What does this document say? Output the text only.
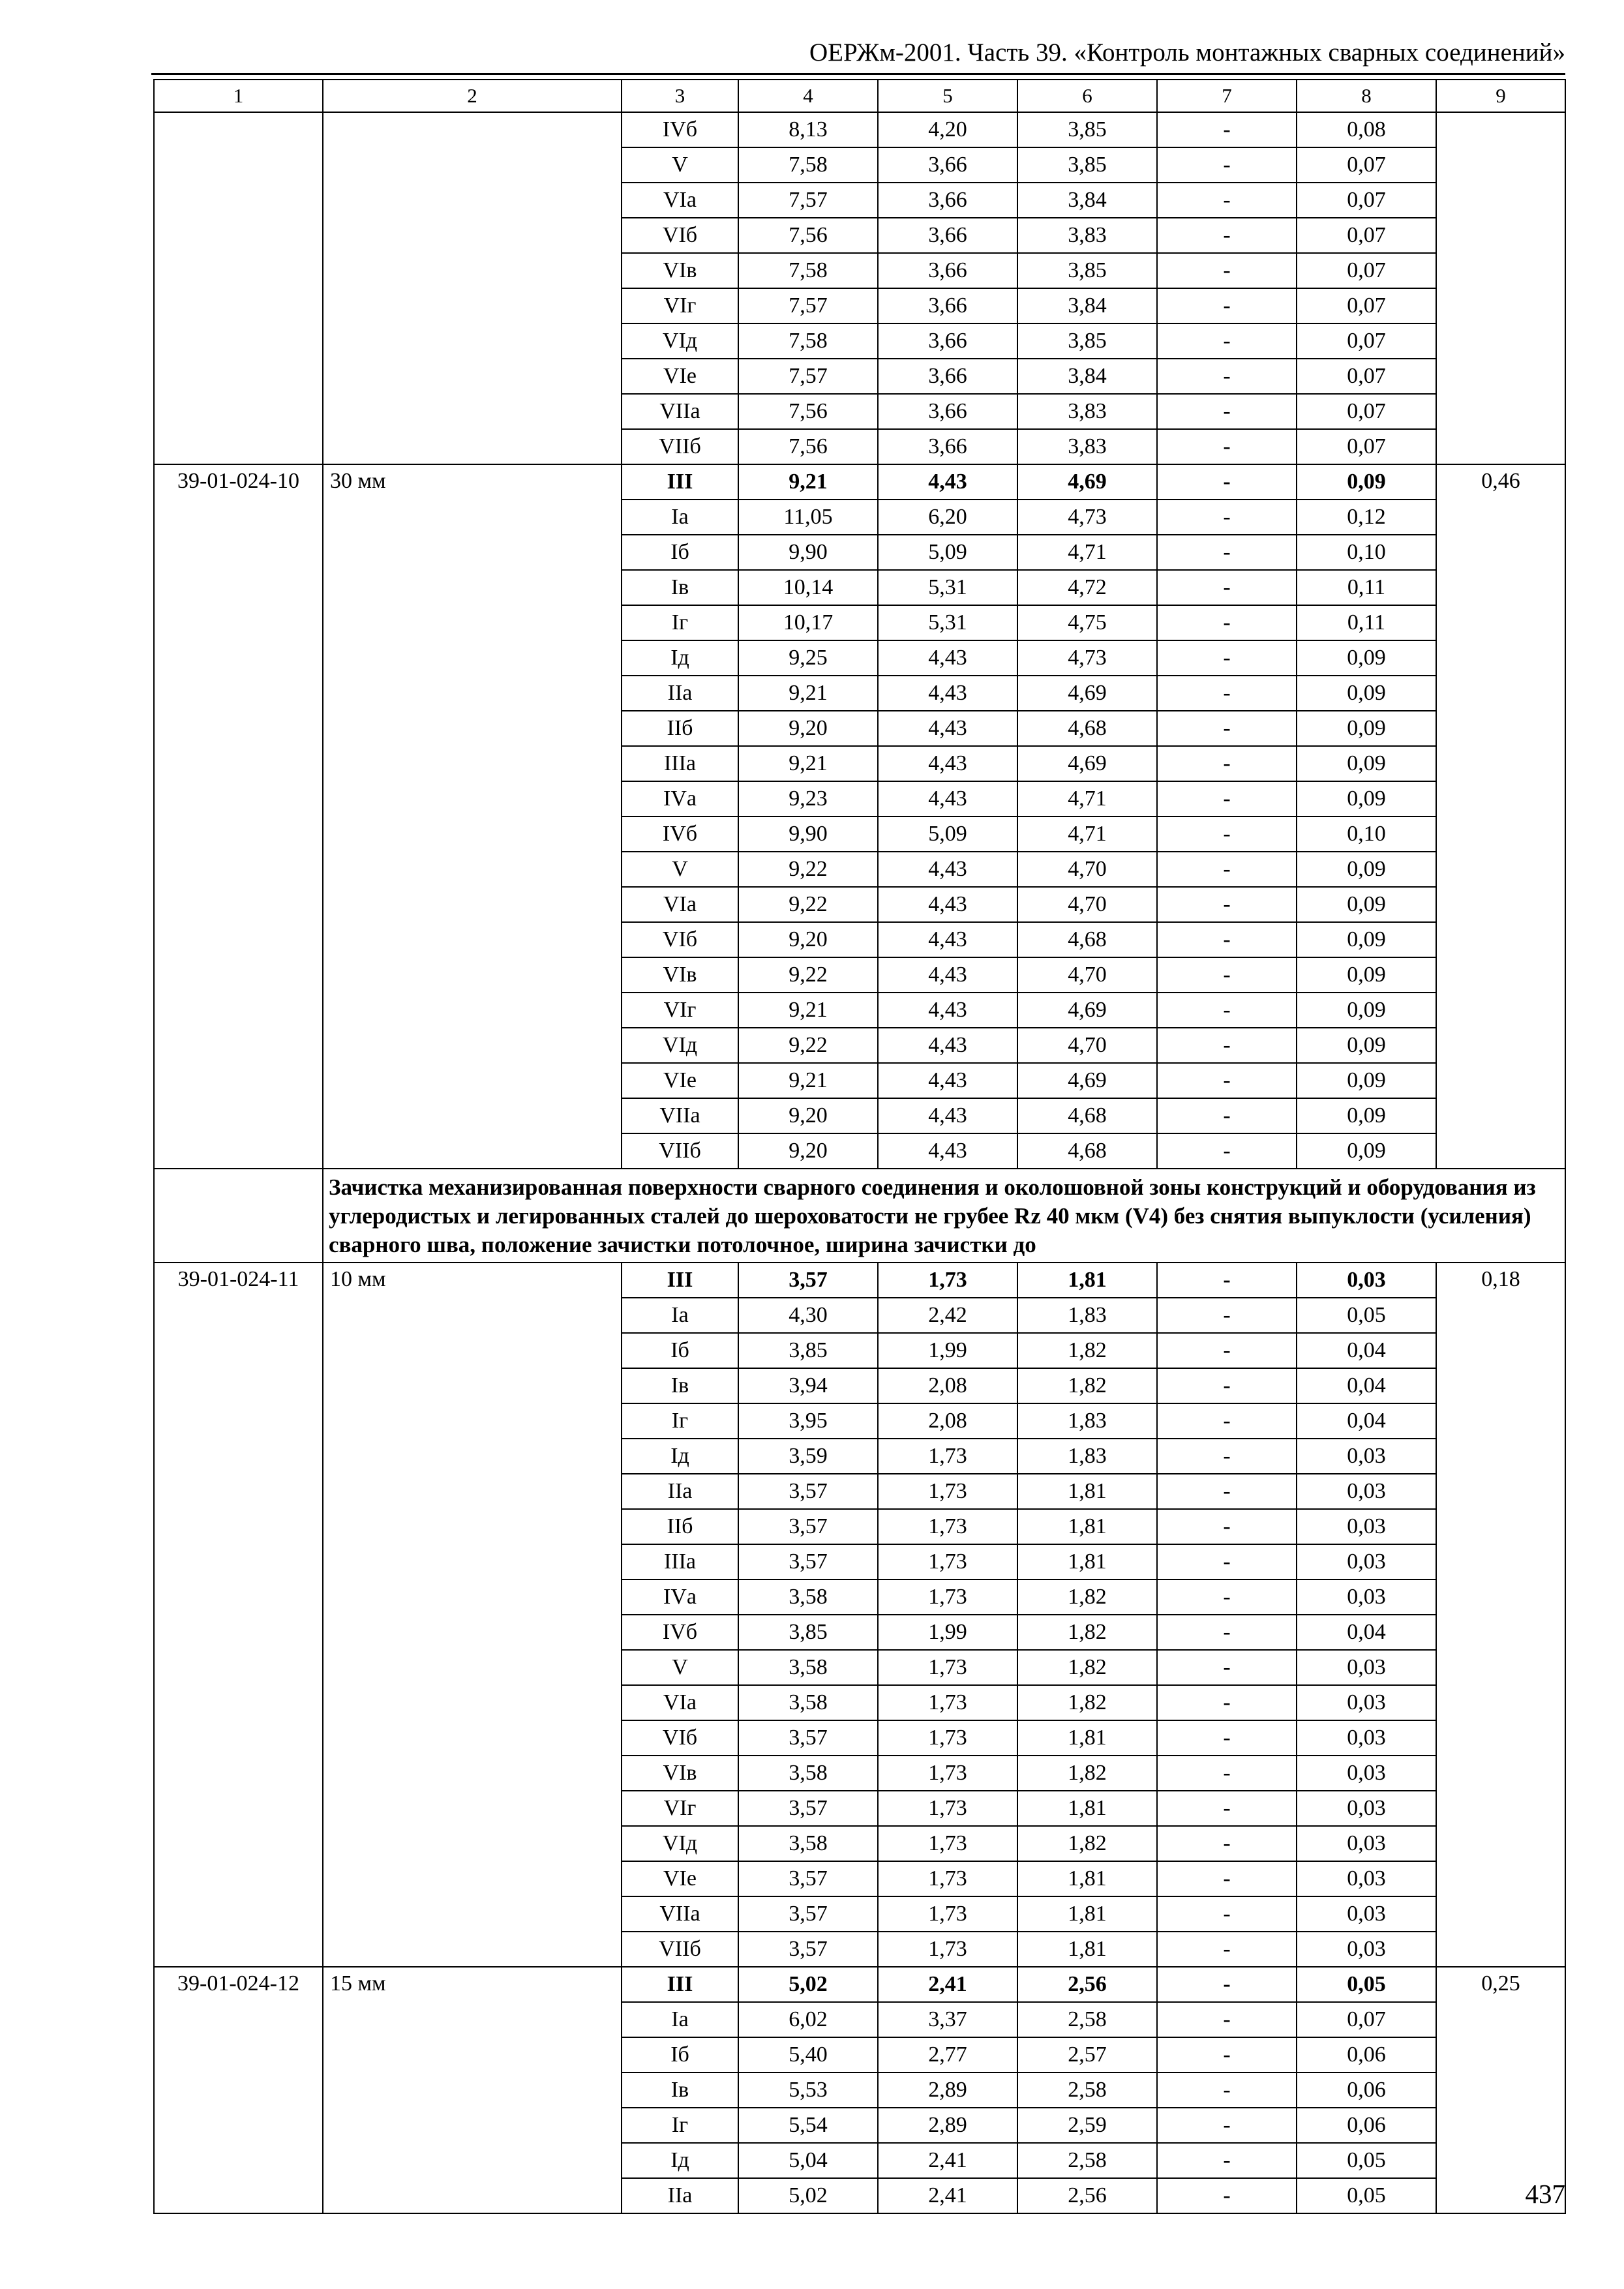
ОЕРЖм-2001. Часть 39. «Контроль монтажных сварных соединений»
1	2	3	4	5	6	7	8	9
		IVб	8,13	4,20	3,85	-	0,08	
		V	7,58	3,66	3,85	-	0,07	
		VIа	7,57	3,66	3,84	-	0,07	
		VIб	7,56	3,66	3,83	-	0,07	
		VIв	7,58	3,66	3,85	-	0,07	
		VIг	7,57	3,66	3,84	-	0,07	
		VIд	7,58	3,66	3,85	-	0,07	
		VIе	7,57	3,66	3,84	-	0,07	
		VIIа	7,56	3,66	3,83	-	0,07	
		VIIб	7,56	3,66	3,83	-	0,07	
39-01-024-10	30 мм	III	9,21	4,43	4,69	-	0,09	0,46
		Iа	11,05	6,20	4,73	-	0,12	
		Iб	9,90	5,09	4,71	-	0,10	
		Iв	10,14	5,31	4,72	-	0,11	
		Iг	10,17	5,31	4,75	-	0,11	
		Iд	9,25	4,43	4,73	-	0,09	
		IIа	9,21	4,43	4,69	-	0,09	
		IIб	9,20	4,43	4,68	-	0,09	
		IIIа	9,21	4,43	4,69	-	0,09	
		IVа	9,23	4,43	4,71	-	0,09	
		IVб	9,90	5,09	4,71	-	0,10	
		V	9,22	4,43	4,70	-	0,09	
		VIа	9,22	4,43	4,70	-	0,09	
		VIб	9,20	4,43	4,68	-	0,09	
		VIв	9,22	4,43	4,70	-	0,09	
		VIг	9,21	4,43	4,69	-	0,09	
		VIд	9,22	4,43	4,70	-	0,09	
		VIе	9,21	4,43	4,69	-	0,09	
		VIIа	9,20	4,43	4,68	-	0,09	
		VIIб	9,20	4,43	4,68	-	0,09	
	Зачистка механизированная поверхности сварного соединения и околошовной зоны конструкций и оборудования из углеродистых и легированных сталей до шероховатости не грубее Rz 40 мкм (V4) без снятия выпуклости (усиления) сварного шва, положение зачистки потолочное, ширина зачистки до							
39-01-024-11	10 мм	III	3,57	1,73	1,81	-	0,03	0,18
		Iа	4,30	2,42	1,83	-	0,05	
		Iб	3,85	1,99	1,82	-	0,04	
		Iв	3,94	2,08	1,82	-	0,04	
		Iг	3,95	2,08	1,83	-	0,04	
		Iд	3,59	1,73	1,83	-	0,03	
		IIа	3,57	1,73	1,81	-	0,03	
		IIб	3,57	1,73	1,81	-	0,03	
		IIIа	3,57	1,73	1,81	-	0,03	
		IVа	3,58	1,73	1,82	-	0,03	
		IVб	3,85	1,99	1,82	-	0,04	
		V	3,58	1,73	1,82	-	0,03	
		VIа	3,58	1,73	1,82	-	0,03	
		VIб	3,57	1,73	1,81	-	0,03	
		VIв	3,58	1,73	1,82	-	0,03	
		VIг	3,57	1,73	1,81	-	0,03	
		VIд	3,58	1,73	1,82	-	0,03	
		VIе	3,57	1,73	1,81	-	0,03	
		VIIа	3,57	1,73	1,81	-	0,03	
		VIIб	3,57	1,73	1,81	-	0,03	
39-01-024-12	15 мм	III	5,02	2,41	2,56	-	0,05	0,25
		Iа	6,02	3,37	2,58	-	0,07	
		Iб	5,40	2,77	2,57	-	0,06	
		Iв	5,53	2,89	2,58	-	0,06	
		Iг	5,54	2,89	2,59	-	0,06	
		Iд	5,04	2,41	2,58	-	0,05	
		IIа	5,02	2,41	2,56	-	0,05		437
